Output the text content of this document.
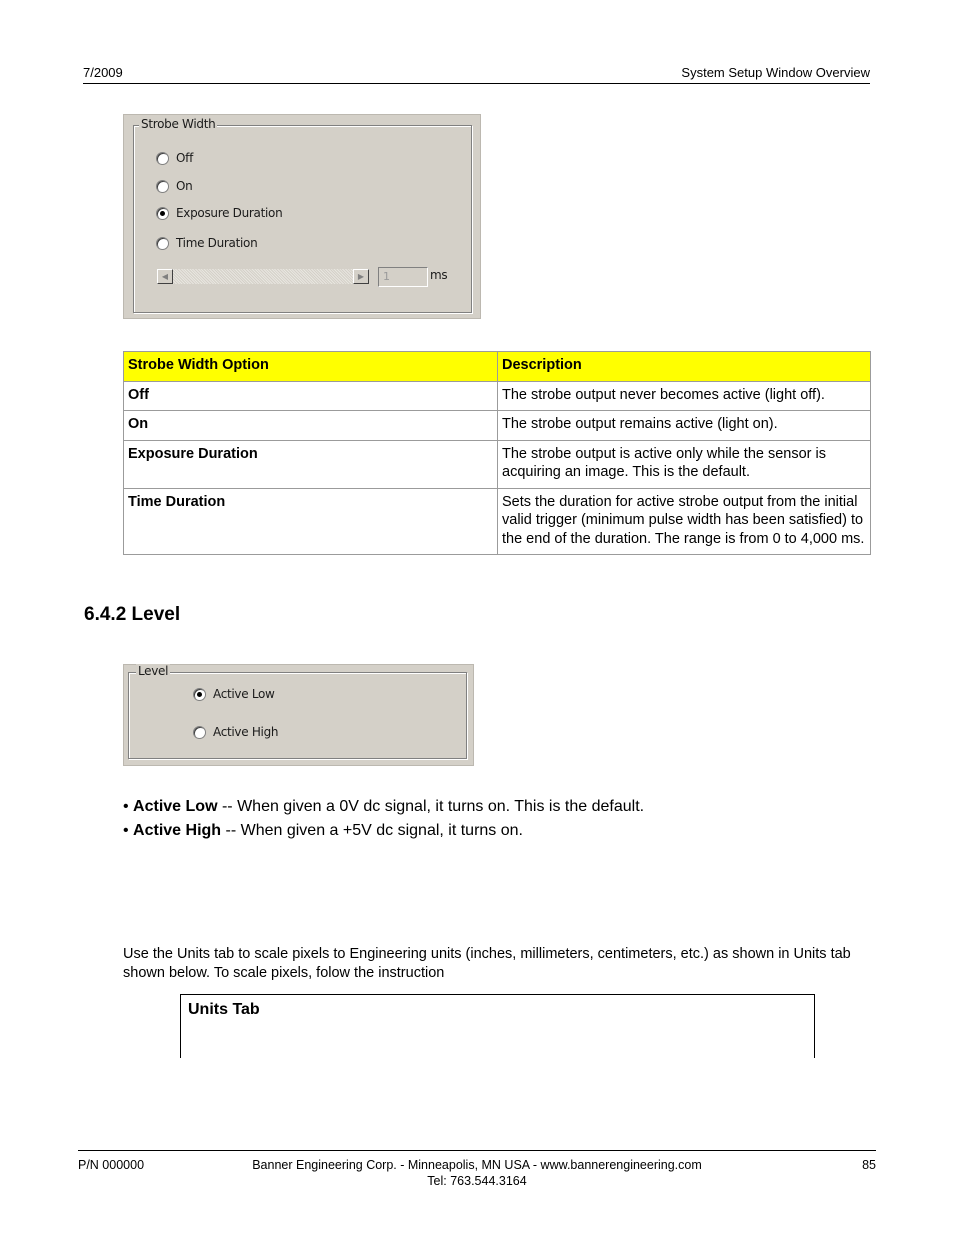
7/2009	System Setup Window Overview
Strobe Width
Off
On
Exposure Duration
Time Duration
◀	▶	1	ms
Strobe Width Option	Description
Off	The strobe output never becomes active (light off).
On	The strobe output remains active (light on).
Exposure Duration	The strobe output is active only while the sensor is acquiring an image. This is the default.
Time Duration	Sets the duration for active strobe output from the initial valid trigger (minimum pulse width has been satisfied) to the end of the duration. The range is from 0 to 4,000 ms.
6.4.2 Level
Level
Active Low
Active High
• Active Low -- When given a 0V dc signal, it turns on. This is the default.
• Active High -- When given a +5V dc signal, it turns on.
Use the Units tab to scale pixels to Engineering units (inches, millimeters, centimeters, etc.) as shown in Units tab shown below. To scale pixels, folow the instruction
Units Tab
P/N 000000	Banner Engineering Corp. - Minneapolis, MN USA - www.bannerengineering.com
Tel: 763.544.3164
85
